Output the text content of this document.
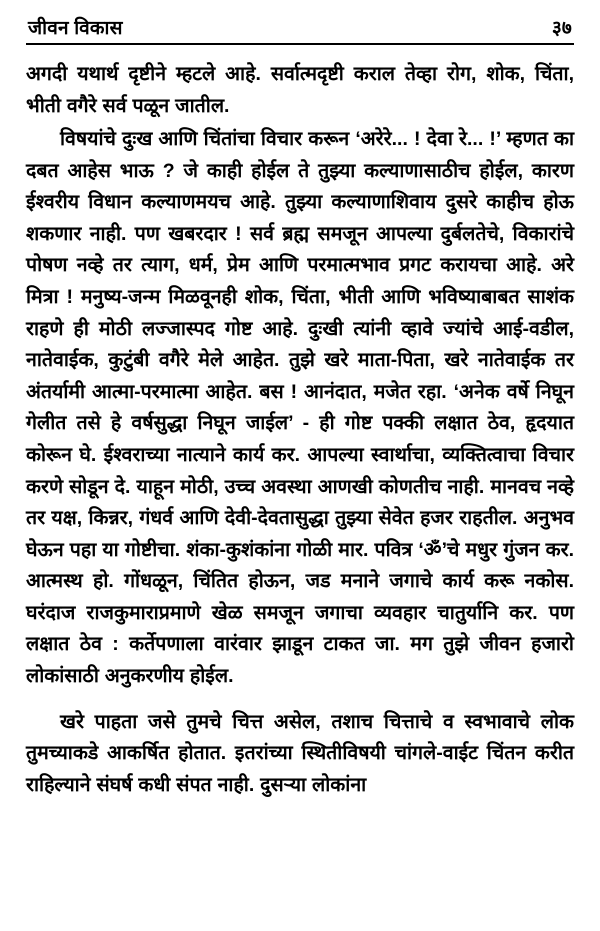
जीवन विकास	३७

अगदी यथार्थ दृष्टीने म्हटले आहे. सर्वात्मदृष्टी कराल तेव्हा रोग, शोक, चिंता, भीती वगैरे सर्व पळून जातील.

विषयांचे दुःख आणि चिंतांचा विचार करून ‘अरेरे... ! देवा रे... !’ म्हणत का दबत आहेस भाऊ ? जे काही होईल ते तुझ्या कल्याणासाठीच होईल, कारण ईश्वरीय विधान कल्याणमयच आहे. तुझ्या कल्याणाशिवाय दुसरे काहीच होऊ शकणार नाही. पण खबरदार ! सर्व ब्रह्म समजून आपल्या दुर्बलतेचे, विकारांचे पोषण नव्हे तर त्याग, धर्म, प्रेम आणि परमात्मभाव प्रगट करायचा आहे. अरे मित्रा ! मनुष्य-जन्म मिळवूनही शोक, चिंता, भीती आणि भविष्याबाबत साशंक राहणे ही मोठी लज्जास्पद गोष्ट आहे. दुःखी त्यांनी व्हावे ज्यांचे आई-वडील, नातेवाईक, कुटुंबी वगैरे मेले आहेत. तुझे खरे माता-पिता, खरे नातेवाईक तर अंतर्यामी आत्मा-परमात्मा आहेत. बस ! आनंदात, मजेत रहा. ‘अनेक वर्षे निघून गेलीत तसे हे वर्षसुद्धा निघून जाईल’ - ही गोष्ट पक्की लक्षात ठेव, हृदयात कोरून घे. ईश्वराच्या नात्याने कार्य कर. आपल्या स्वार्थाचा, व्यक्तित्वाचा विचार करणे सोडून दे. याहून मोठी, उच्च अवस्था आणखी कोणतीच नाही. मानवच नव्हे तर यक्ष, किन्नर, गंधर्व आणि देवी-देवतासुद्धा तुझ्या सेवेत हजर राहतील. अनुभव घेऊन पहा या गोष्टीचा. शंका-कुशंकांना गोळी मार. पवित्र ‘ॐ’चे मधुर गुंजन कर. आत्मस्थ हो. गोंधळून, चिंतित होऊन, जड मनाने जगाचे कार्य करू नकोस. घरंदाज राजकुमाराप्रमाणे खेळ समजून जगाचा व्यवहार चातुर्यानि कर. पण लक्षात ठेव : कर्तेपणाला वारंवार झाडून टाकत जा. मग तुझे जीवन हजारो लोकांसाठी अनुकरणीय होईल.

खरे पाहता जसे तुमचे चित्त असेल, तशाच चित्ताचे व स्वभावाचे लोक तुमच्याकडे आकर्षित होतात. इतरांच्या स्थितीविषयी चांगले-वाईट चिंतन करीत राहिल्याने संघर्ष कधी संपत नाही. दुसऱ्या लोकांना
